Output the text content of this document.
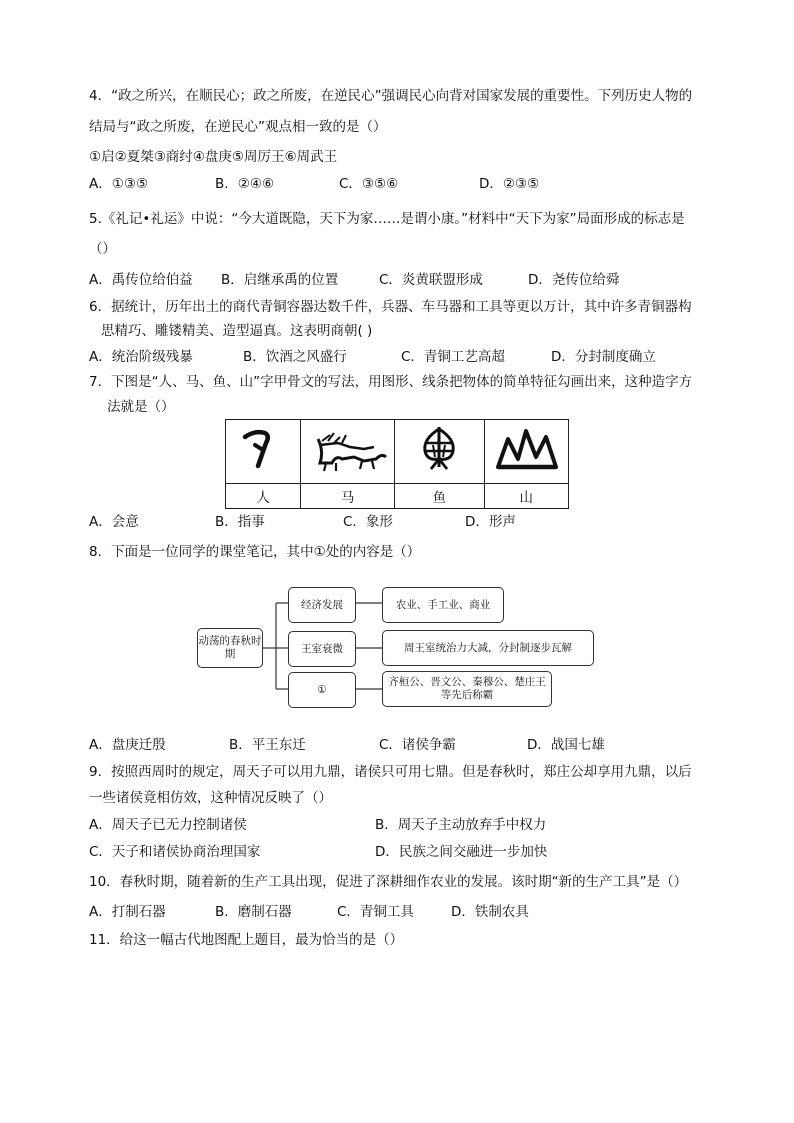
4．“政之所兴，在顺民心；政之所废，在逆民心”强调民心向背对国家发展的重要性。下列历史人物的
结局与“政之所废，在逆民心”观点相一致的是（）
①启②夏桀③商纣④盘庚⑤周厉王⑥周武王
A．①③⑤	B．②④⑥	C．③⑤⑥	D．②③⑤
5.《礼记•礼运》中说：“今大道既隐，天下为家……是谓小康。”材料中“天下为家”局面形成的标志是
（）
A．禹传位给伯益 B．启继承禹的位置	C．炎黄联盟形成	D．尧传位给舜
6．据统计，历年出土的商代青铜容器达数千件，兵器、车马器和工具等更以万计，其中许多青铜器构
思精巧、雕镂精美、造型逼真。这表明商朝( )
A．统治阶级残暴	B．饮酒之风盛行	C．青铜工艺高超	D．分封制度确立
7．下图是“人、马、鱼、山”字甲骨文的写法，用图形、线条把物体的简单特征勾画出来，这种造字方
法就是（）

人	马	鱼	山
A．会意	B．指事	C．象形	D．形声
8．下面是一位同学的课堂笔记，其中①处的内容是（）
动荡的春秋时期
经济发展
王室衰微
①
农业、手工业、商业
周王室统治力大减，分封制逐步瓦解
齐桓公、晋文公、秦穆公、楚庄王等先后称霸
A．盘庚迁殷	B．平王东迁	C．诸侯争霸	D．战国七雄
9．按照西周时的规定，周天子可以用九鼎，诸侯只可用七鼎。但是春秋时，郑庄公却享用九鼎，以后
一些诸侯竟相仿效，这种情况反映了（）
A．周天子已无力控制诸侯	B．周天子主动放弃手中权力
C．天子和诸侯协商治理国家	D．民族之间交融进一步加快
10．春秋时期，随着新的生产工具出现，促进了深耕细作农业的发展。该时期“新的生产工具”是（）
A．打制石器	B．磨制石器	C．青铜工具	D．铁制农具
11．给这一幅古代地图配上题目，最为恰当的是（）
